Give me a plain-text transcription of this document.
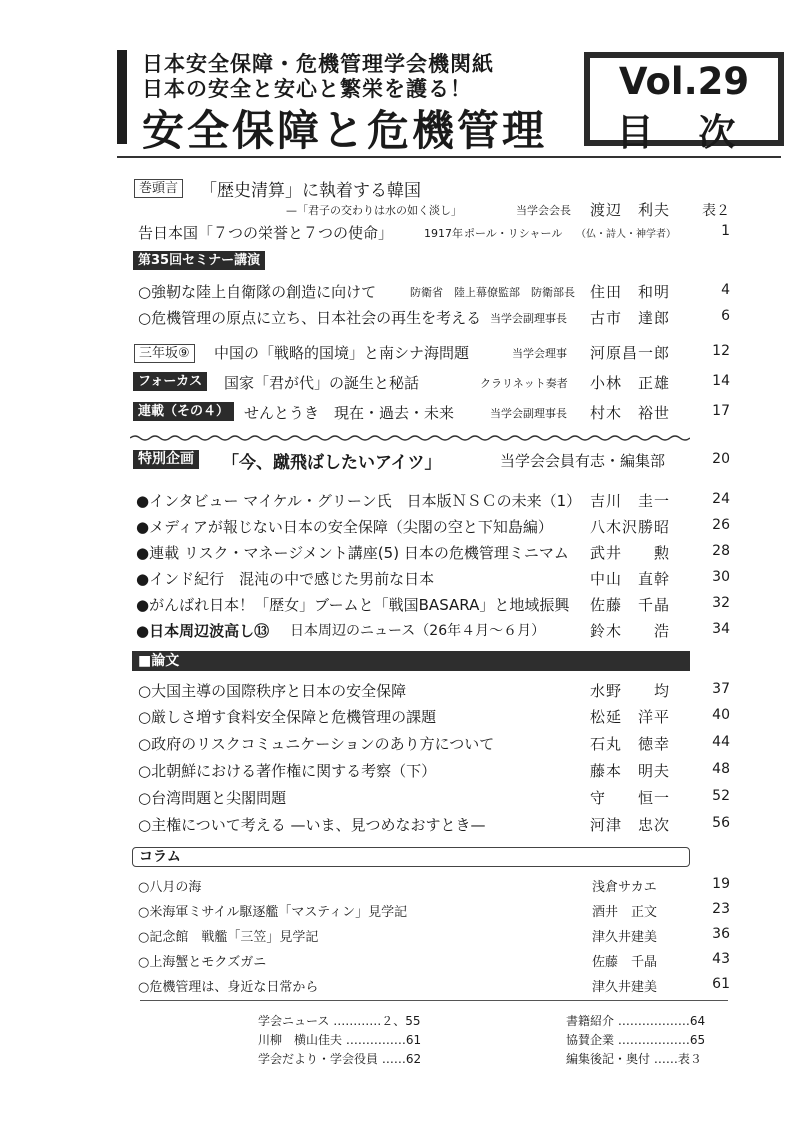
日本安全保障・危機管理学会機関紙
日本の安全と安心と繁栄を護る！
安全保障と危機管理
Vol.29
目 次
巻頭言 「歴史清算」に執着する韓国
—「君子の交わりは水の如く淡し」	当学会会長 渡辺　利夫 表２
告日本国「７つの栄誉と７つの使命」	1917年 ポール・リシャール （仏・詩人・神学者）	1
第35回セミナー講演
○強靭な陸上自衛隊の創造に向けて	防衛省　陸上幕僚監部　防衛部長 住田　和明	4
○危機管理の原点に立ち、日本社会の再生を考える 当学会副理事長 古市　達郎	6
三年坂⑨	中国の「戦略的国境」と南シナ海問題	当学会理事 河原昌一郎	12
フォーカス	国家「君が代」の誕生と秘話	クラリネット奏者 小林　正雄	14
連載（その４） せんとうき　現在・過去・未来	当学会副理事長 村木　裕世	17
特別企画 「今、蹴飛ばしたいアイツ」	当学会会員有志・編集部	20
●インタビュー マイケル・グリーン氏　日本版ＮＳＣの未来（1） 吉川　圭一	24
●メディアが報じない日本の安全保障（尖閣の空と下知島編） 八木沢勝昭	26
●連載 リスク・マネージメント講座(5) 日本の危機管理ミニマム 武井　　勲	28
●インド紀行　混沌の中で感じた男前な日本	中山　直幹	30
●がんばれ日本！「歴女」ブームと「戦国BASARA」と地域振興 佐藤　千晶	32
●日本周辺波高し⑬ 日本周辺のニュース（26年４月～６月）	鈴木　　浩	34
■論文
○大国主導の国際秩序と日本の安全保障	水野　　均	37
○厳しさ増す食料安全保障と危機管理の課題	松延　洋平	40
○政府のリスクコミュニケーションのあり方について	石丸　徳幸	44
○北朝鮮における著作権に関する考察（下）	藤本　明夫	48
○台湾問題と尖閣問題	守　　恒一	52
○主権について考える —いま、見つめなおすとき—	河津　忠次	56
コラム
○八月の海	浅倉サカエ	19
○米海軍ミサイル駆逐艦「マスティン」見学記	酒井　正文	23
○記念館　戦艦「三笠」見学記	津久井建美	36
○上海蟹とモクズガニ	佐藤　千晶	43
○危機管理は、身近な日常から	津久井建美	61
学会ニュース …………２、55
川柳　横山佳夫 ……………61
学会だより・学会役員 ……62
書籍紹介 ………………64
協賛企業 ………………65
編集後記・奥付 ……表３
